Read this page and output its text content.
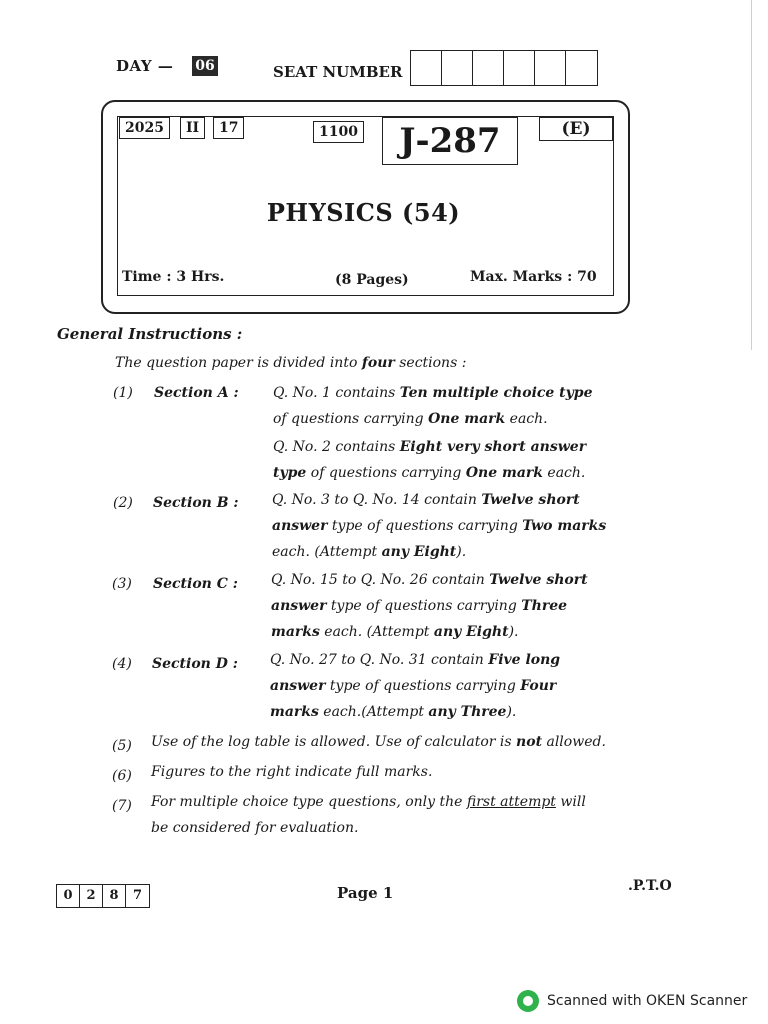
DAY — 06	SEAT NUMBER
2025	II	17	1100	J-287	(E)
PHYSICS (54)
Time : 3 Hrs.	(8 Pages)	Max. Marks : 70
General Instructions :
The question paper is divided into four sections :
(1) Section A : Q. No. 1 contains Ten multiple choice type
of questions carrying One mark each.
Q. No. 2 contains Eight very short answer
type of questions carrying One mark each.
(2) Section B : Q. No. 3 to Q. No. 14 contain Twelve short
answer type of questions carrying Two marks
each. (Attempt any Eight).
(3) Section C : Q. No. 15 to Q. No. 26 contain Twelve short
answer type of questions carrying Three
marks each. (Attempt any Eight).
(4) Section D : Q. No. 27 to Q. No. 31 contain Five long
answer type of questions carrying Four
marks each.(Attempt any Three).
(5) Use of the log table is allowed. Use of calculator is not allowed.
(6) Figures to the right indicate full marks.
(7) For multiple choice type questions, only the first attempt will
be considered for evaluation.
0	2	8	7	Page 1	.P.T.O
Scanned with OKEN Scanner
